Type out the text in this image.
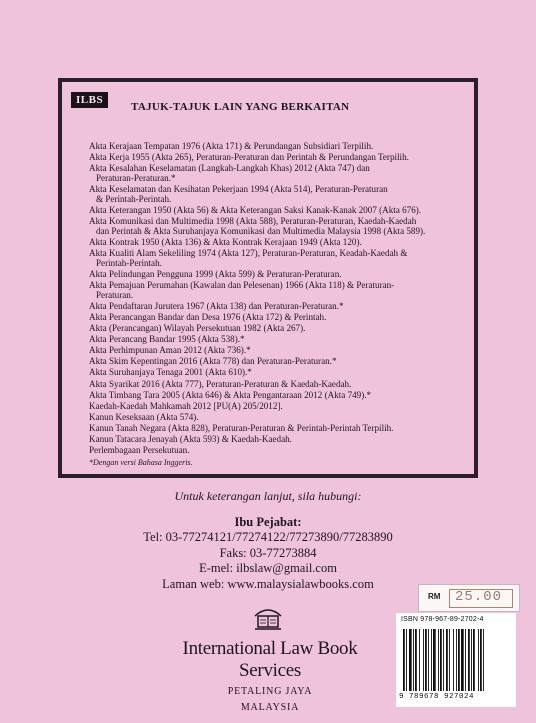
ILBS
TAJUK-TAJUK LAIN YANG BERKAITAN
Akta Kerajaan Tempatan 1976 (Akta 171) & Perundangan Subsidiari Terpilih.
Akta Kerja 1955 (Akta 265), Peraturan-Peraturan dan Perintah & Perundangan Terpilih.
Akta Kesalahan Keselamatan (Langkah-Langkah Khas) 2012 (Akta 747) dan
Peraturan-Peraturan.*
Akta Keselamatan dan Kesihatan Pekerjaan 1994 (Akta 514), Peraturan-Peraturan
& Perintah-Perintah.
Akta Keterangan 1950 (Akta 56) & Akta Keterangan Saksi Kanak-Kanak 2007 (Akta 676).
Akta Komunikasi dan Multimedia 1998 (Akta 588), Peraturan-Peraturan, Kaedah-Kaedah
dan Perintah & Akta Suruhanjaya Komunikasi dan Multimedia Malaysia 1998 (Akta 589).
Akta Kontrak 1950 (Akta 136) & Akta Kontrak Kerajaan 1949 (Akta 120).
Akta Kualiti Alam Sekeliling 1974 (Akta 127), Peraturan-Peraturan, Keadah-Kaedah &
Perintah-Perintah.
Akta Pelindungan Pengguna 1999 (Akta 599) & Peraturan-Peraturan.
Akta Pemajuan Perumahan (Kawalan dan Pelesenan) 1966 (Akta 118) & Peraturan-
Peraturan.
Akta Pendaftaran Jurutera 1967 (Akta 138) dan Peraturan-Peraturan.*
Akta Perancangan Bandar dan Desa 1976 (Akta 172) & Perintah.
Akta (Perancangan) Wilayah Persekutuan 1982 (Akta 267).
Akta Perancang Bandar 1995 (Akta 538).*
Akta Perhimpunan Aman 2012 (Akta 736).*
Akta Skim Kepentingan 2016 (Akta 778) dan Peraturan-Peraturan.*
Akta Suruhanjaya Tenaga 2001 (Akta 610).*
Akta Syarikat 2016 (Akta 777), Peraturan-Peraturan & Kaedah-Kaedah.
Akta Timbang Tara 2005 (Akta 646) & Akta Pengantaraan 2012 (Akta 749).*
Kaedah-Kaedah Mahkamah 2012 [PU(A) 205/2012].
Kanun Keseksaan (Akta 574).
Kanun Tanah Negara (Akta 828), Peraturan-Peraturan & Perintah-Perintah Terpilih.
Kanun Tatacara Jenayah (Akta 593) & Kaedah-Kaedah.
Perlembagaan Persekutuan.
*Dengan versi Bahasa Inggeris.
Untuk keterangan lanjut, sila hubungi:
Ibu Pejabat:
Tel: 03-77274121/77274122/77273890/77283890
Faks: 03-77273884
E-mel: ilbslaw@gmail.com
Laman web: www.malaysialawbooks.com
RM 25.00
International Law Book Services
PETALING JAYA
MALAYSIA
ISBN 978-967-89-2702-4
9 789678 927024
